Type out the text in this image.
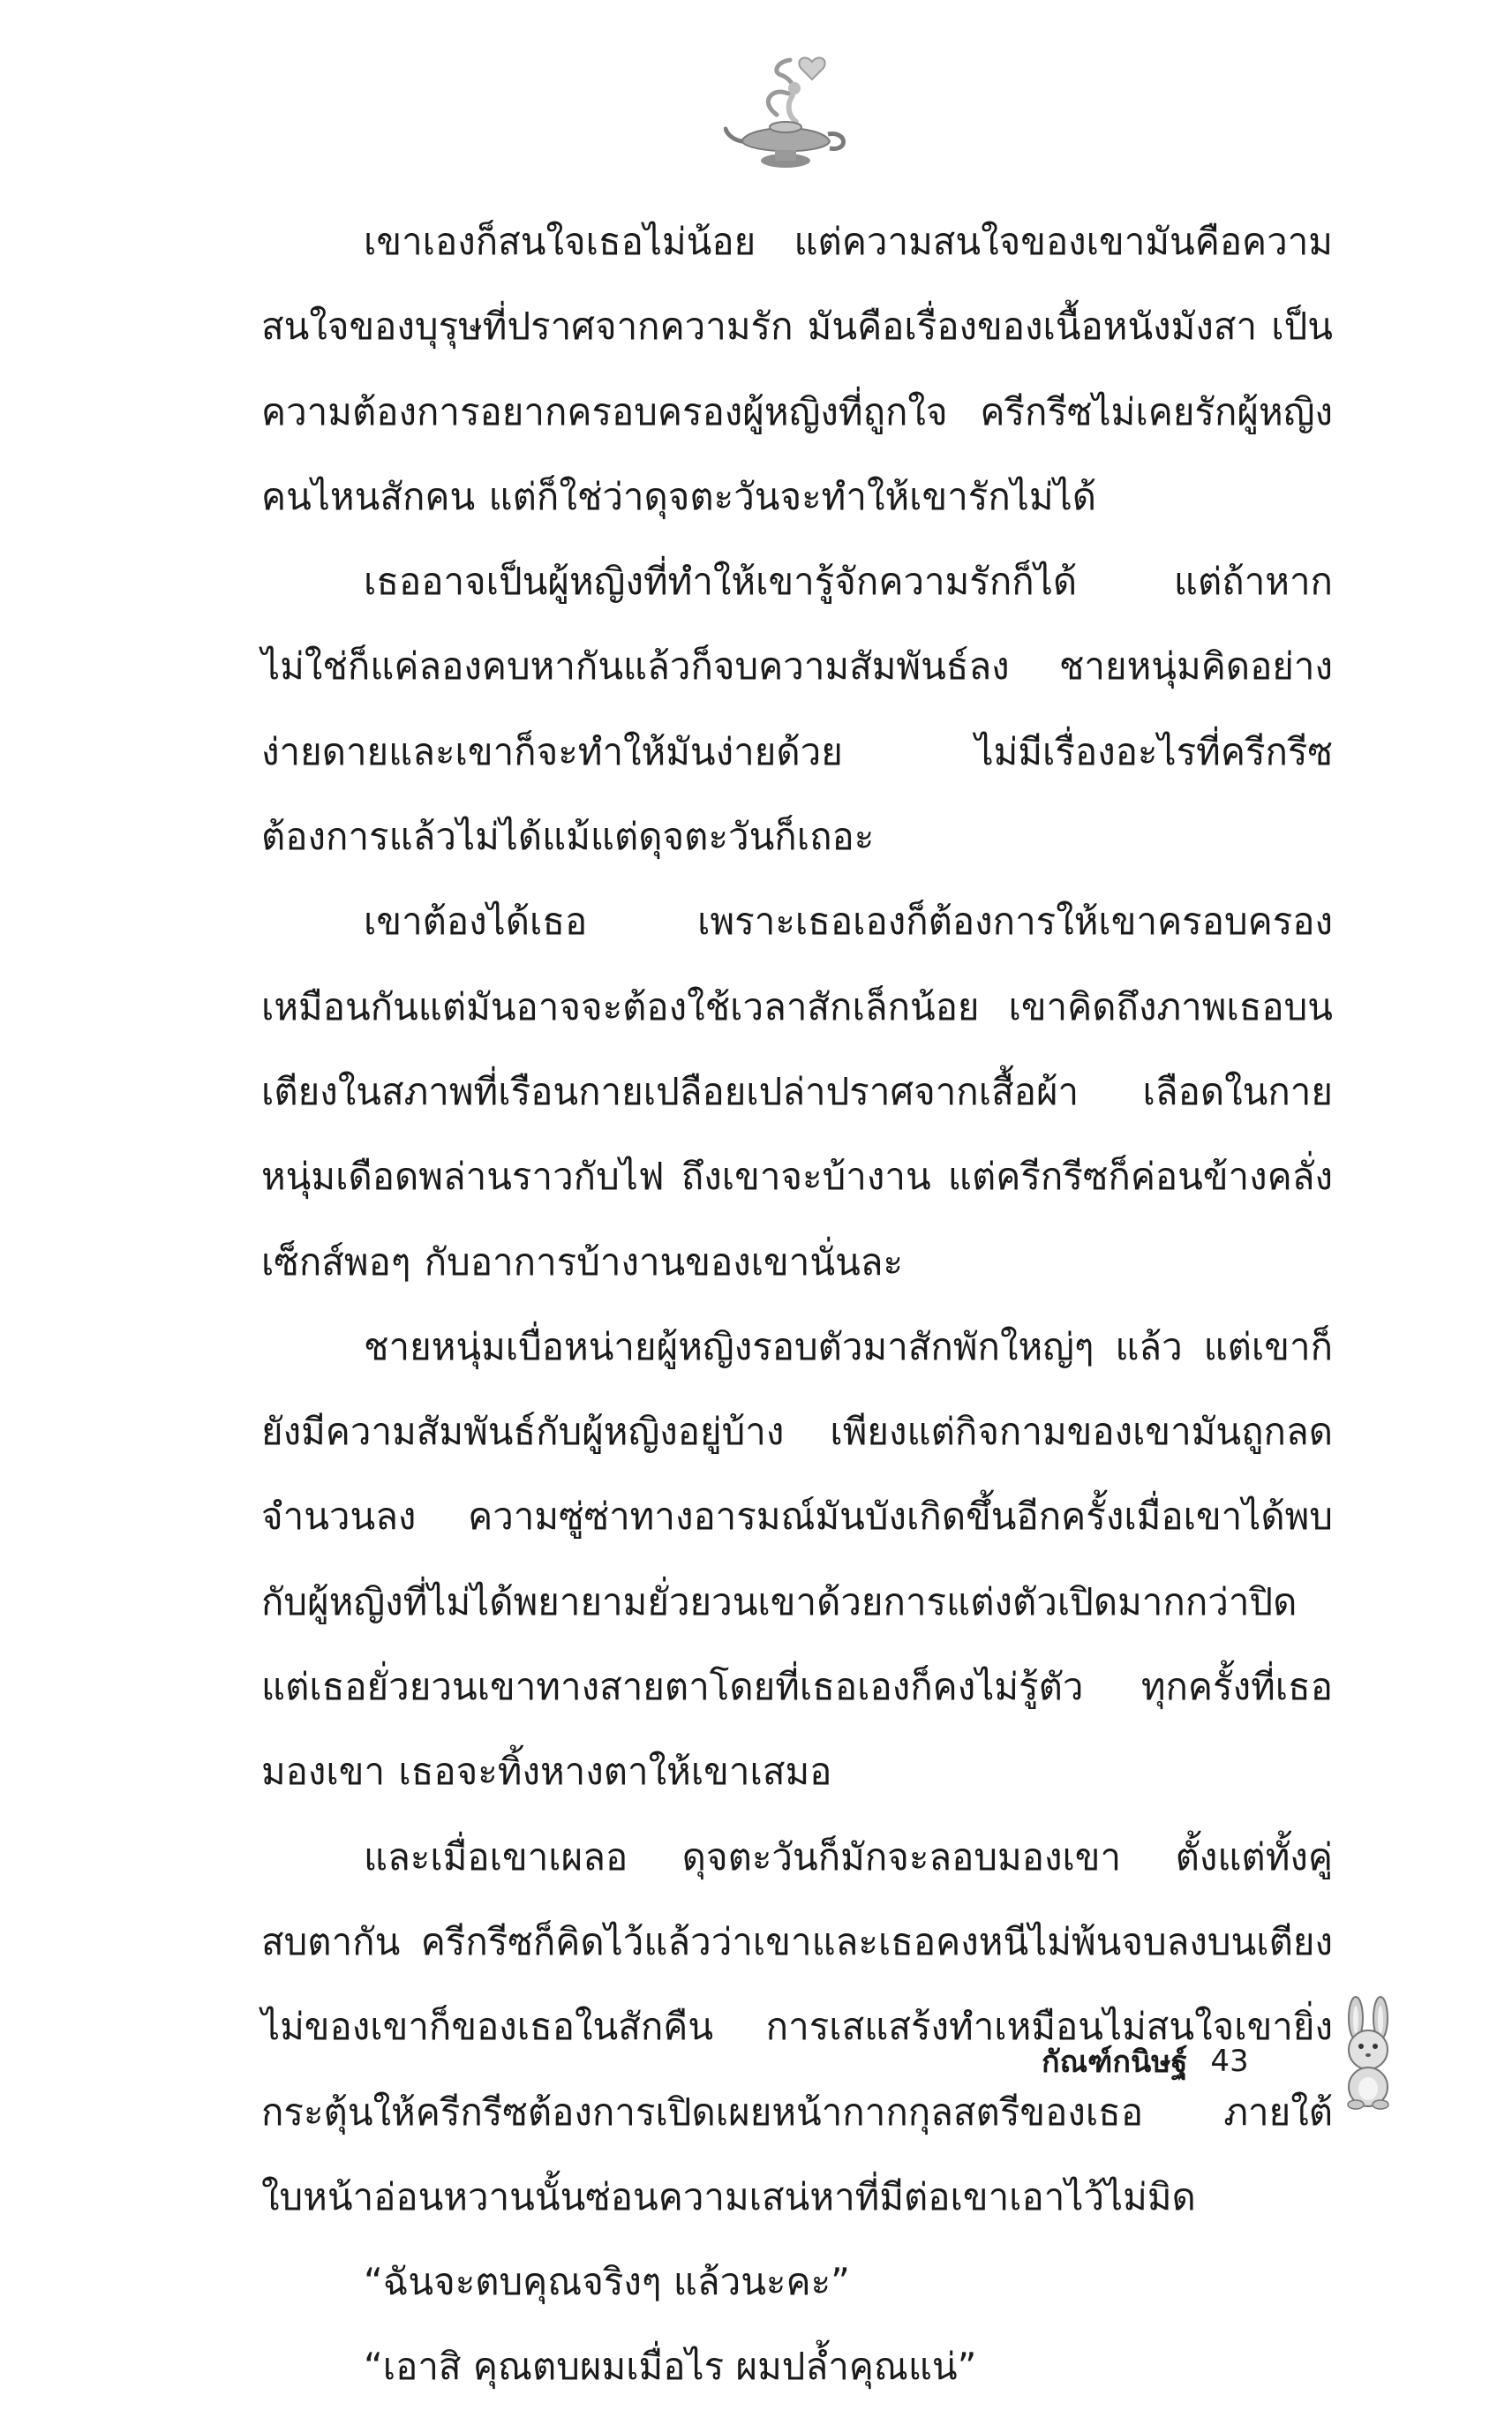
เขาเองก็สนใจเธอไม่น้อย แต่ความสนใจของเขามันคือความสนใจของบุรุษที่ปราศจากความรัก มันคือเรื่องของเนื้อหนังมังสา เป็นความต้องการอยากครอบครองผู้หญิงที่ถูกใจ ครีกรีซไม่เคยรักผู้หญิงคนไหนสักคน แต่ก็ใช่ว่าดุจตะวันจะทำให้เขารักไม่ได้

เธออาจเป็นผู้หญิงที่ทำให้เขารู้จักความรักก็ได้ แต่ถ้าหากไม่ใช่ก็แค่ลองคบหากันแล้วก็จบความสัมพันธ์ลง ชายหนุ่มคิดอย่างง่ายดายและเขาก็จะทำให้มันง่ายด้วย ไม่มีเรื่องอะไรที่ครีกรีซต้องการแล้วไม่ได้แม้แต่ดุจตะวันก็เถอะ

เขาต้องได้เธอ เพราะเธอเองก็ต้องการให้เขาครอบครองเหมือนกันแต่มันอาจจะต้องใช้เวลาสักเล็กน้อย เขาคิดถึงภาพเธอบนเตียงในสภาพที่เรือนกายเปลือยเปล่าปราศจากเสื้อผ้า เลือดในกายหนุ่มเดือดพล่านราวกับไฟ ถึงเขาจะบ้างาน แต่ครีกรีซก็ค่อนข้างคลั่งเซ็กส์พอๆ กับอาการบ้างานของเขานั่นละ

ชายหนุ่มเบื่อหน่ายผู้หญิงรอบตัวมาสักพักใหญ่ๆ แล้ว แต่เขาก็ยังมีความสัมพันธ์กับผู้หญิงอยู่บ้าง เพียงแต่กิจกามของเขามันถูกลดจำนวนลง ความซู่ซ่าทางอารมณ์มันบังเกิดขึ้นอีกครั้งเมื่อเขาได้พบกับผู้หญิงที่ไม่ได้พยายามยั่วยวนเขาด้วยการแต่งตัวเปิดมากกว่าปิด แต่เธอยั่วยวนเขาทางสายตาโดยที่เธอเองก็คงไม่รู้ตัว ทุกครั้งที่เธอมองเขา เธอจะทิ้งหางตาให้เขาเสมอ

และเมื่อเขาเผลอ ดุจตะวันก็มักจะลอบมองเขา ตั้งแต่ทั้งคู่สบตากัน ครีกรีซก็คิดไว้แล้วว่าเขาและเธอคงหนีไม่พ้นจบลงบนเตียงไม่ของเขาก็ของเธอในสักคืน การเสแสร้งทำเหมือนไม่สนใจเขายิ่งกระตุ้นให้ครีกรีซต้องการเปิดเผยหน้ากากกุลสตรีของเธอ ภายใต้ใบหน้าอ่อนหวานนั้นซ่อนความเสน่หาที่มีต่อเขาเอาไว้ไม่มิด

“ฉันจะตบคุณจริงๆ แล้วนะคะ”

“เอาสิ คุณตบผมเมื่อไร ผมปล้ำคุณแน่”

กัณฑ์กนิษฐ์ 43
